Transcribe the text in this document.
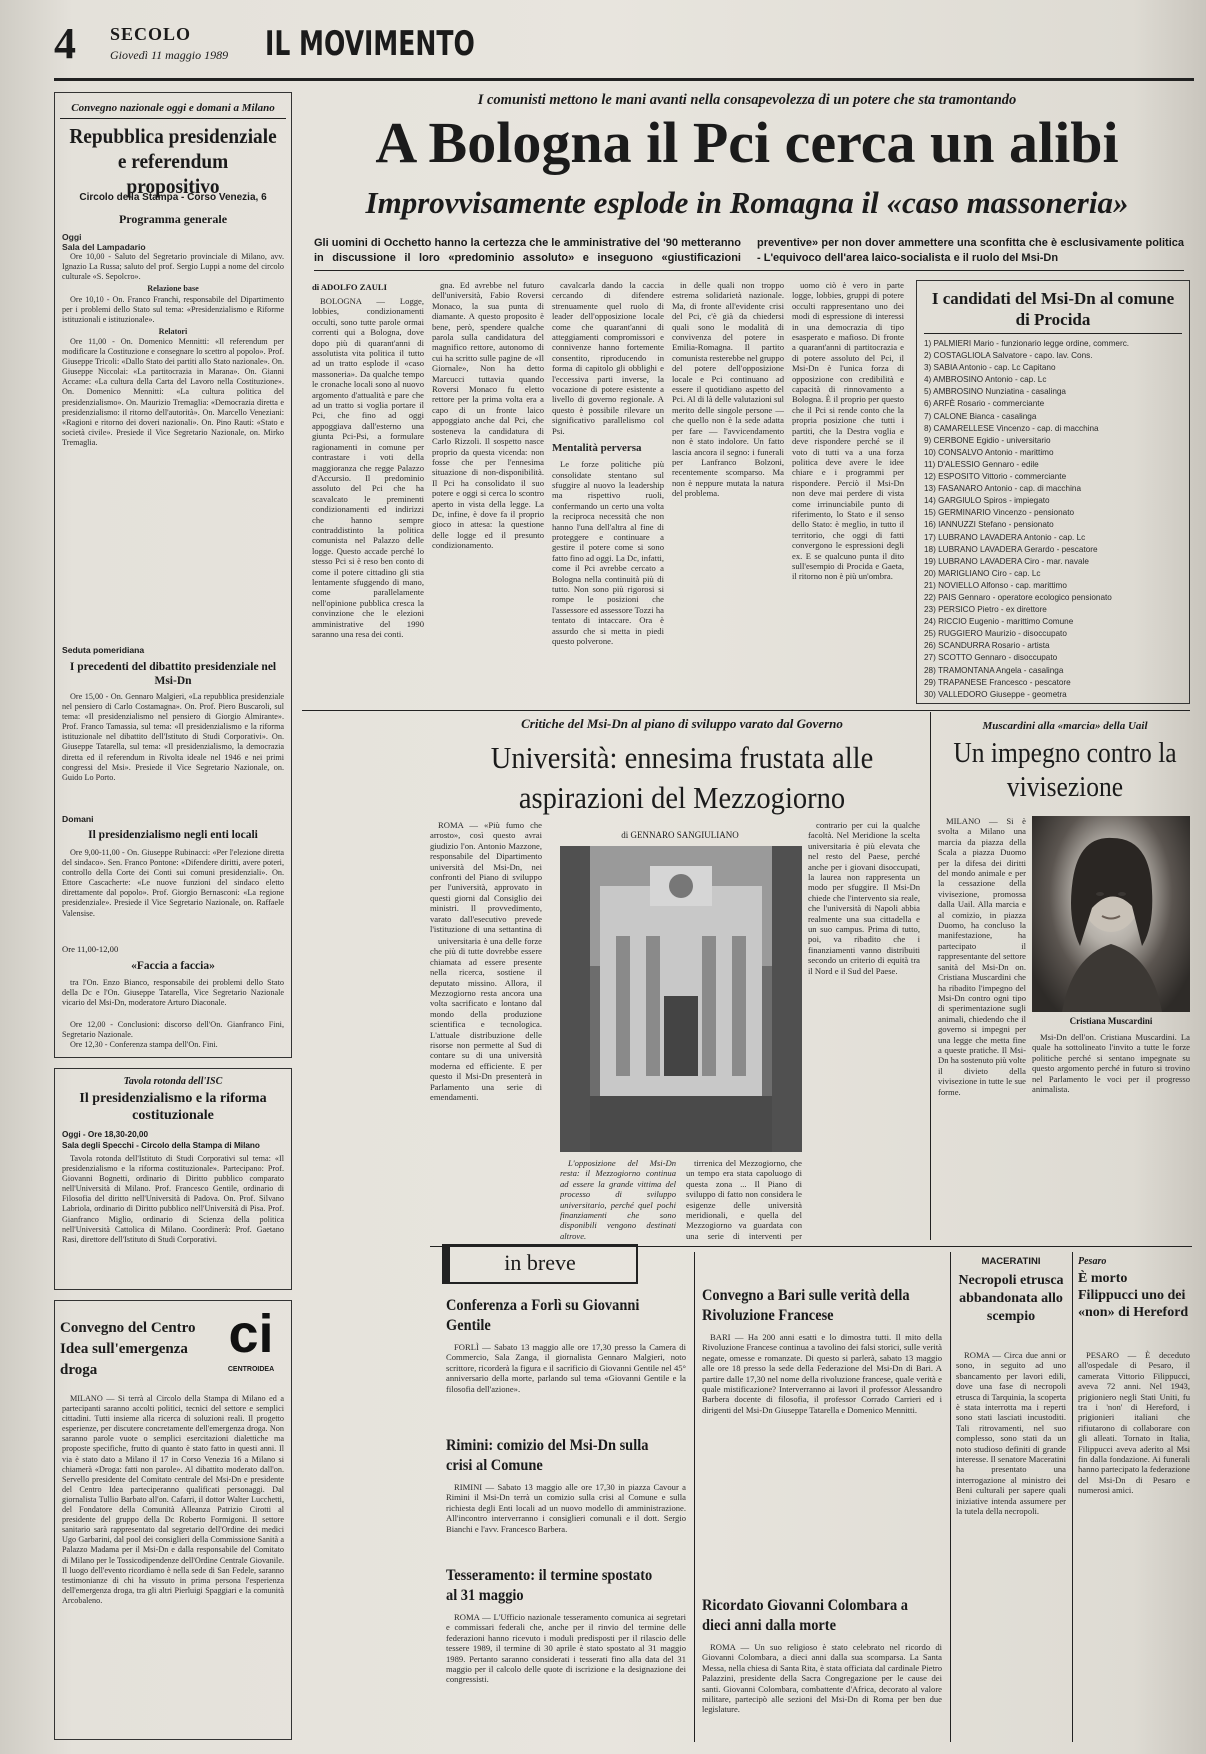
4 SECOLO
Giovedì 11 maggio 1989 IL MOVIMENTO
Convegno nazionale oggi e domani a Milano
Repubblica presidenziale e referendum propositivo
Circolo della Stampa - Corso Venezia, 6
Programma generale
Oggi
Sala del Lampadario

Ore 10,00 - Saluto del Segretario provinciale di Milano, avv. Ignazio La Russa; saluto del prof. Sergio Luppi a nome del circolo culturale «S. Sepolcro».

Relazione base

Ore 10,10 - On. Franco Franchi, responsabile del Dipartimento per i problemi dello Stato sul tema: «Presidenzialismo e Riforme istituzionali e istituzionale».

Relatori

Ore 11,00 - On. Domenico Mennitti: «Il referendum per modificare la Costituzione e consegnare lo scettro al popolo». Prof. Giuseppe Tricoli: «Dallo Stato dei partiti allo Stato nazionale». On. Giuseppe Niccolai: «La partitocrazia in Marana». On. Gianni Accame: «La cultura della Carta del Lavoro nella Costituzione». On. Domenico Mennitti: «La cultura politica del presidenzialismo». On. Maurizio Tremaglia: «Democrazia diretta e presidenzialismo: il ritorno dell'autorità». On. Marcello Veneziani: «Ragioni e ritorno dei doveri nazionali». On. Pino Rauti: «Stato e società civile». Presiede il Vice Segretario Nazionale, on. Mirko Tremaglia.

Seduta pomeridiana
I precedenti del dibattito presidenziale nel Msi-Dn

Ore 15,00 - On. Gennaro Malgieri, «La repubblica presidenziale nel pensiero di Carlo Costamagna». On. Prof. Piero Buscaroli, sul tema: «Il presidenzialismo nel pensiero di Giorgio Almirante». Prof. Franco Tamassia, sul tema: «Il presidenzialismo e la riforma istituzionale nel dibattito dell'Istituto di Studi Corporativi». On. Giuseppe Tatarella, sul tema: «Il presidenzialismo, la democrazia diretta ed il referendum in Rivolta ideale nel 1946 e nei primi congressi del Msi». Presiede il Vice Segretario Nazionale, on. Guido Lo Porto.

Domani
Il presidenzialismo negli enti locali

Ore 9,00-11,00 - On. Giuseppe Rubinacci: «Per l'elezione diretta del sindaco». Sen. Franco Pontone: «Difendere diritti, avere poteri, controllo della Corte dei Conti sui comuni presidenziali». On. Ettore Cascacherte: «Le nuove funzioni del sindaco eletto direttamente dal popolo». Prof. Giorgio Bernasconi: «La regione presidenziale». Presiede il Vice Segretario Nazionale, on. Raffaele Valensise.

Ore 11,00-12,00
«Faccia a faccia»

tra l'On. Enzo Bianco, responsabile dei problemi dello Stato della Dc e l'On. Giuseppe Tatarella, Vice Segretario Nazionale vicario del Msi-Dn, moderatore Arturo Diaconale.

Ore 12,00 - Conclusioni: discorso dell'On. Gianfranco Fini, Segretario Nazionale.

Ore 12,30 - Conferenza stampa dell'On. Fini.

Tavola rotonda dell'ISC
Il presidenzialismo e la riforma costituzionale
Oggi - Ore 18,30-20,00
Sala degli Specchi - Circolo della Stampa di Milano

Tavola rotonda dell'Istituto di Studi Corporativi sul tema: «Il presidenzialismo e la riforma costituzionale». Partecipano: Prof. Giovanni Bognetti, ordinario di Diritto pubblico comparato nell'Università di Milano. Prof. Francesco Gentile, ordinario di Filosofia del diritto nell'Università di Padova. On. Prof. Silvano Labriola, ordinario di Diritto pubblico nell'Università di Pisa. Prof. Gianfranco Miglio, ordinario di Scienza della politica nell'Università Cattolica di Milano. Coordinerà: Prof. Gaetano Rasi, direttore dell'Istituto di Studi Corporativi.

Convegno del Centro Idea sull'emergenza droga
ci
CENTROIDEA

MILANO — Si terrà al Circolo della Stampa di Milano ed a partecipanti saranno accolti politici, tecnici del settore e semplici cittadini. Tutti insieme alla ricerca di soluzioni reali. Il progetto esperienze, per discutere concretamente dell'emergenza droga. Non saranno parole vuote o semplici esercitazioni dialettiche ma proposte specifiche, frutto di quanto è stato fatto in questi anni. Il via è stato dato a Milano il 17 in Corso Venezia 16 a Milano si chiamerà «Droga: fatti non parole». Al dibattito moderato dall'on. Servello presidente del Comitato centrale del Msi-Dn e presidente del Centro Idea parteciperanno qualificati personaggi. Dal giornalista Tullio Barbato all'on. Cafarri, il dottor Walter Lucchetti, del Fondatore della Comunità Alleanza Patrizio Cirotti al presidente del gruppo della Dc Roberto Formigoni. Il settore sanitario sarà rappresentato dal segretario dell'Ordine dei medici Ugo Garbarini, dal pool dei consiglieri della Commissione Sanità a Palazzo Madama per il Msi-Dn e dalla responsabile del Comitato di Milano per le Tossicodipendenze dell'Ordine Centrale Giovanile. Il luogo dell'evento ricordiamo è nella sede di San Fedele, saranno testimonianze di chi ha vissuto in prima persona l'esperienza dell'emergenza droga, tra gli altri Pierluigi Spaggiari e la comunità Arcobaleno.

I comunisti mettono le mani avanti nella consapevolezza di un potere che sta tramontando
A Bologna il Pci cerca un alibi
Improvvisamente esplode in Romagna il «caso massoneria»
Gli uomini di Occhetto hanno la certezza che le amministrative del '90 metteranno in discussione il loro «predominio assoluto» e inseguono «giustificazioni preventive» per non dover ammettere una sconfitta che è esclusivamente politica - L'equivoco dell'area laico-socialista e il ruolo del Msi-Dn
di ADOLFO ZAULI

BOLOGNA — Logge, lobbies, condizionamenti occulti, sono tutte parole ormai correnti qui a Bologna, dove dopo più di quarant'anni di assolutista vita politica il tutto ad un tratto esplode il «caso massoneria». Da qualche tempo le cronache locali sono al nuovo argomento d'attualità e pare che ad un tratto si voglia portare il Pci, che fino ad oggi appoggiava dall'esterno una giunta Pci-Psi, a formulare ragionamenti in comune per contrastare i voti della maggioranza che regge Palazzo d'Accursio. Il predominio assoluto del Pci che ha scavalcato le preminenti condizionamenti ed indirizzi che hanno sempre contraddistinto la politica comunista nel Palazzo delle logge. Questo accade perché lo stesso Pci si è reso ben conto di come il potere cittadino gli stia lentamente sfuggendo di mano, come parallelamente nell'opinione pubblica cresca la convinzione che le elezioni amministrative del 1990 saranno una resa dei conti.

gna. Ed avrebbe nel futuro dell'università, Fabio Roversi Monaco, la sua punta di diamante. A questo proposito è bene, però, spendere qualche parola sulla candidatura del magnifico rettore, autonomo di cui ha scritto sulle pagine de «Il Giornale», Non ha detto Marcucci tuttavia quando Roversi Monaco fu eletto rettore per la prima volta era a capo di un fronte laico appoggiato anche dal Pci, che sosteneva la candidatura di Carlo Rizzoli. Il sospetto nasce proprio da questa vicenda: non fosse che per l'ennesima situazione di non-disponibilità. Il Pci ha consolidato il suo potere e oggi si cerca lo scontro aperto in vista della legge. La Dc, infine, è dove fa il proprio gioco in attesa: la questione delle logge ed il presunto condizionamento.

cavalcarla dando la caccia cercando di difendere strenuamente quel ruolo di leader dell'opposizione locale come che quarant'anni di atteggiamenti compromissori e connivenze hanno fortemente consentito, riproducendo in forma di capitolo gli obblighi e l'eccessiva parti inverse, la vocazione di potere esistente a livello di governo regionale. A questo è possibile rilevare un significativo parallelismo col Psi.

Mentalità perversa

Le forze politiche più consolidate stentano sul sfuggire al nuovo la leadership ma rispettivo ruoli, confermando un certo una volta la reciproca necessità che non hanno l'una dell'altra al fine di proteggere e continuare a gestire il potere come si sono fatto fino ad oggi. La Dc, infatti, come il Pci avrebbe cercato a Bologna nella continuità più di tutto. Non sono più rigorosi si rompe le posizioni che l'assessore ed assessore Tozzi ha tentato di intaccare. Ora è assurdo che si metta in piedi questo polverone.

in delle quali non troppo estrema solidarietà nazionale. Ma, di fronte all'evidente crisi del Pci, c'è già da chiedersi quali sono le modalità di convivenza del potere in Emilia-Romagna. Il partito comunista resterebbe nel gruppo del potere dell'opposizione locale e Pci continuano ad essere il quotidiano aspetto del Pci. Al di là delle valutazioni sul merito delle singole persone — che quello non è la sede adatta per fare — l'avvicendamento non è stato indolore. Un fatto lascia ancora il segno: i funerali per Lanfranco Bolzoni, recentemente scomparso. Ma non è neppure mutata la natura del problema.

uomo ciò è vero in parte logge, lobbies, gruppi di potere occulti rappresentano uno dei modi di espressione di interessi in una democrazia di tipo esasperato e mafioso. Di fronte a quarant'anni di partitocrazia e di potere assoluto del Pci, il Msi-Dn è l'unica forza di opposizione con credibilità e capacità di rinnovamento a Bologna. È il proprio per questo che il Pci si rende conto che la propria posizione che tutti i partiti, che la Destra voglia e deve rispondere perché se il voto di tutti va a una forza politica deve avere le idee chiare e i programmi per rispondere. Perciò il Msi-Dn non deve mai perdere di vista come irrinunciabile punto di riferimento, lo Stato e il senso dello Stato: è meglio, in tutto il territorio, che oggi di fatti convergono le espressioni degli ex. E se qualcuno punta il dito sull'esempio di Procida e Gaeta, il ritorno non è più un'ombra.

I candidati del Msi-Dn al comune di Procida
1) PALMIERI Mario - funzionario legge ordine, commerc.
2) COSTAGLIOLA Salvatore - capo. lav. Cons.
3) SABIA Antonio - cap. Lc Capitano
4) AMBROSINO Antonio - cap. Lc
5) AMBROSINO Nunziatina - casalinga
6) ARFÈ Rosario - commerciante
7) CALONE Bianca - casalinga
8) CAMARELLESE Vincenzo - cap. di macchina
9) CERBONE Egidio - universitario
10) CONSALVO Antonio - marittimo
11) D'ALESSIO Gennaro - edile
12) ESPOSITO Vittorio - commerciante
13) FASANARO Antonio - cap. di macchina
14) GARGIULO Spiros - impiegato
15) GERMINARIO Vincenzo - pensionato
16) IANNUZZI Stefano - pensionato
17) LUBRANO LAVADERA Antonio - cap. Lc
18) LUBRANO LAVADERA Gerardo - pescatore
19) LUBRANO LAVADERA Ciro - mar. navale
20) MARIGLIANO Ciro - cap. Lc
21) NOVIELLO Alfonso - cap. marittimo
22) PAIS Gennaro - operatore ecologico pensionato
23) PERSICO Pietro - ex direttore
24) RICCIO Eugenio - marittimo Comune
25) RUGGIERO Maurizio - disoccupato
26) SCANDURRA Rosario - artista
27) SCOTTO Gennaro - disoccupato
28) TRAMONTANA Angela - casalinga
29) TRAPANESE Francesco - pescatore
30) VALLEDORO Giuseppe - geometra
Critiche del Msi-Dn al piano di sviluppo varato dal Governo
Università: ennesima frustata alle aspirazioni del Mezzogiorno
di GENNARO SANGIULIANO

ROMA — «Più fumo che arrosto», così questo avrai giudizio l'on. Antonio Mazzone, responsabile del Dipartimento università del Msi-Dn, nei confronti del Piano di sviluppo per l'università, approvato in questi giorni dal Consiglio dei ministri. Il provvedimento, varato dall'esecutivo prevede l'istituzione di una settantina di

contrario per cui la qualche facoltà. Nel Meridione la scelta universitaria è più elevata che nel resto del Paese, perché anche per i giovani disoccupati, la laurea non rappresenta un modo per sfuggire. Il Msi-Dn chiede che l'intervento sia reale, che l'università di Napoli abbia realmente una sua cittadella e un suo campus. Prima di tutto, poi, va ribadito che i finanziamenti vanno distribuiti secondo un criterio di equità tra il Nord e il Sud del Paese.

universitaria è una delle forze che più di tutte dovrebbe essere chiamata ad essere presente nella ricerca, sostiene il deputato missino. Allora, il Mezzogiorno resta ancora una volta sacrificato e lontano dal mondo della produzione scientifica e tecnologica. L'attuale distribuzione delle risorse non permette al Sud di contare su di una università moderna ed efficiente. E per questo il Msi-Dn presenterà in Parlamento una serie di emendamenti.

L'opposizione del Msi-Dn resta: il Mezzogiorno continua ad essere la grande vittima del processo di sviluppo universitario, perché quel pochi finanziamenti che sono disponibili vengono destinati altrove.

tirrenica del Mezzogiorno, che un tempo era stata capoluogo di questa zona ... Il Piano di sviluppo di fatto non considera le esigenze delle università meridionali, e quella del Mezzogiorno va guardata con una serie di interventi per

Muscardini alla «marcia» della Uail
Un impegno contro la vivisezione

MILANO — Si è svolta a Milano una marcia da piazza della Scala a piazza Duomo per la difesa dei diritti del mondo animale e per la cessazione della vivisezione, promossa dalla Uail. Alla marcia e al comizio, in piazza Duomo, ha concluso la manifestazione, ha partecipato il rappresentante del settore sanità del Msi-Dn on. Cristiana Muscardini che ha ribadito l'impegno del Msi-Dn contro ogni tipo di sperimentazione sugli animali, chiedendo che il governo si impegni per una legge che metta fine a queste pratiche. Il Msi-Dn ha sostenuto più volte il divieto della vivisezione in tutte le sue forme.

Cristiana Muscardini

Msi-Dn dell'on. Cristiana Muscardini. La quale ha sottolineato l'invito a tutte le forze politiche perché si sentano impegnate su questo argomento perché in futuro si trovino nel Parlamento le voci per il progresso animalista.

in breve
Conferenza a Forlì su Giovanni Gentile

FORLÌ — Sabato 13 maggio alle ore 17,30 presso la Camera di Commercio, Sala Zanga, il giornalista Gennaro Malgieri, noto scrittore, ricorderà la figura e il sacrificio di Giovanni Gentile nel 45° anniversario della morte, parlando sul tema «Giovanni Gentile e la filosofia dell'azione».

Rimini: comizio del Msi-Dn sulla crisi al Comune

RIMINI — Sabato 13 maggio alle ore 17,30 in piazza Cavour a Rimini il Msi-Dn terrà un comizio sulla crisi al Comune e sulla richiesta degli Enti locali ad un nuovo modello di amministrazione. All'incontro interverranno i consiglieri comunali e il dott. Sergio Bianchi e l'avv. Francesco Barbera.

Tesseramento: il termine spostato al 31 maggio

ROMA — L'Ufficio nazionale tesseramento comunica ai segretari e commissari federali che, anche per il rinvio del termine delle federazioni hanno ricevuto i moduli predisposti per il rilascio delle tessere 1989, il termine di 30 aprile è stato spostato al 31 maggio 1989. Pertanto saranno considerati i tesserati fino alla data del 31 maggio per il calcolo delle quote di iscrizione e la designazione dei congressisti.

Convegno a Bari sulle verità della Rivoluzione Francese

BARI — Ha 200 anni esatti e lo dimostra tutti. Il mito della Rivoluzione Francese continua a tavolino dei falsi storici, sulle verità negate, omesse e romanzate. Di questo si parlerà, sabato 13 maggio alle ore 18 presso la sede della Federazione del Msi-Dn di Bari. A partire dalle 17,30 nel nome della rivoluzione francese, quale verità e quale mistificazione? Interverranno ai lavori il professor Alessandro Barbera docente di filosofia, il professor Corrado Carrieri ed i dirigenti del Msi-Dn Giuseppe Tatarella e Domenico Mennitti.

Ricordato Giovanni Colombara a dieci anni dalla morte

ROMA — Un suo religioso è stato celebrato nel ricordo di Giovanni Colombara, a dieci anni dalla sua scomparsa. La Santa Messa, nella chiesa di Santa Rita, è stata officiata dal cardinale Pietro Palazzini, presidente della Sacra Congregazione per le cause dei santi. Giovanni Colombara, combattente d'Africa, decorato al valore militare, partecipò alle sezioni del Msi-Dn di Roma per ben due legislature.

MACERATINI
Necropoli etrusca abbandonata allo scempio

ROMA — Circa due anni or sono, in seguito ad uno sbancamento per lavori edili, dove una fase di necropoli etrusca di Tarquinia, la scoperta è stata interrotta ma i reperti sono stati lasciati incustoditi. Tali ritrovamenti, nel suo complesso, sono stati da un noto studioso definiti di grande interesse. Il senatore Maceratini ha presentato una interrogazione al ministro dei Beni culturali per sapere quali iniziative intenda assumere per la tutela della necropoli.

Pesaro
È morto Filippucci uno dei «non» di Hereford

PESARO — È deceduto all'ospedale di Pesaro, il camerata Vittorio Filippucci, aveva 72 anni. Nel 1943, prigioniero negli Stati Uniti, fu tra i 'non' di Hereford, i prigionieri italiani che rifiutarono di collaborare con gli alleati. Tornato in Italia, Filippucci aveva aderito al Msi fin dalla fondazione. Ai funerali hanno partecipato la federazione del Msi-Dn di Pesaro e numerosi amici.
